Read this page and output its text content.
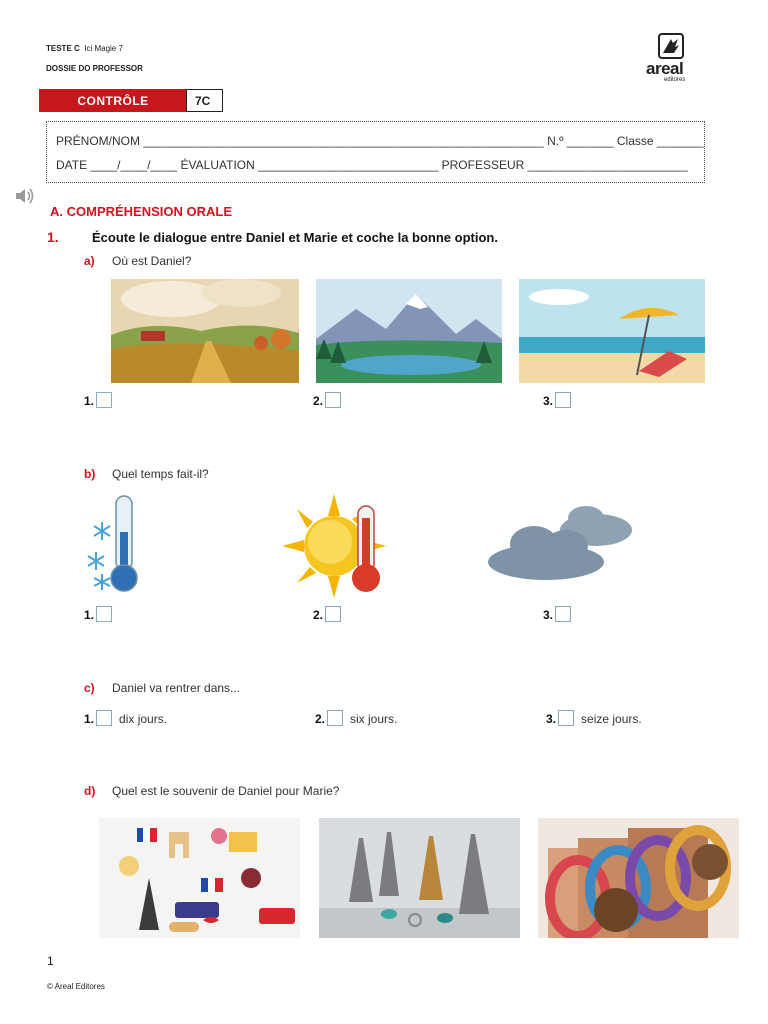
TESTE C Ici Magie 7
DOSSIE DO PROFESSOR	areal
editores
CONTRÔLE	7C
PRÉNOM/NOM ____________________________________________________________ N.º _______ Classe _______
DATE ____/____/____ ÉVALUATION ___________________________ PROFESSEUR ________________________
A. COMPRÉHENSION ORALE
1.	Écoute le dialogue entre Daniel et Marie et coche la bonne option.
a) Où est Daniel?
1.	2.	3.
b) Quel temps fait-il?
1.	2.	3.
c) Daniel va rentrer dans...
1. dix jours.	2. six jours.	3. seize jours.
d) Quel est le souvenir de Daniel pour Marie?
1
© Areal Editores
